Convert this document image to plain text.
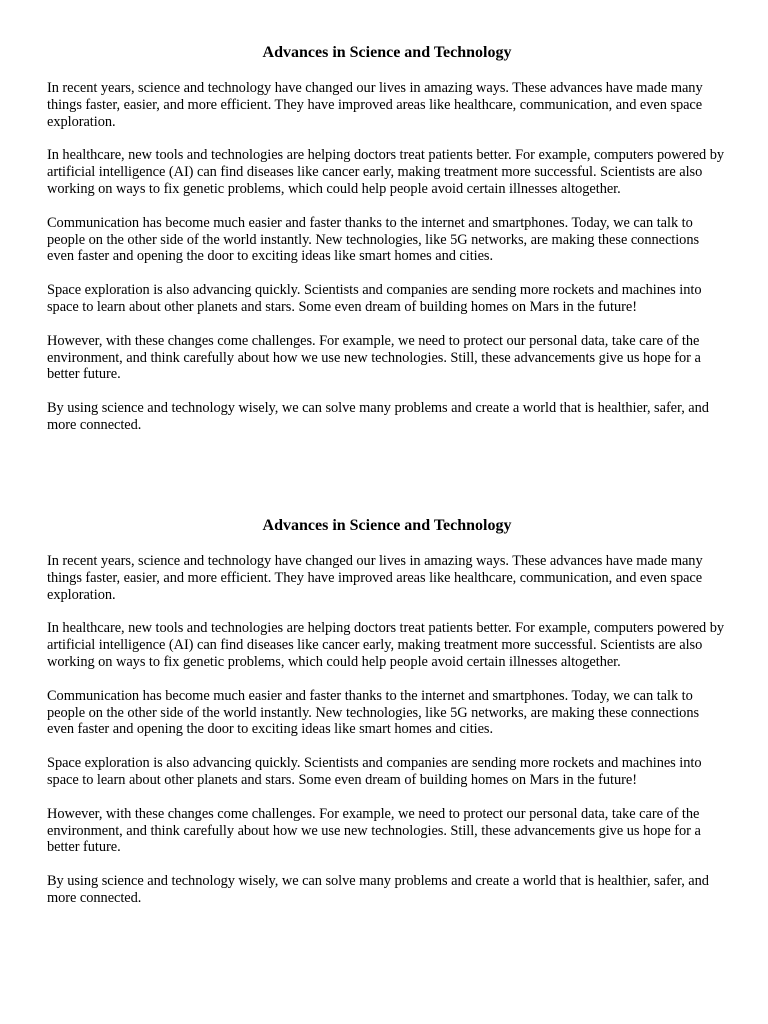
Advances in Science and Technology

In recent years, science and technology have changed our lives in amazing ways. These advances have made many things faster, easier, and more efficient. They have improved areas like healthcare, communication, and even space exploration.

In healthcare, new tools and technologies are helping doctors treat patients better. For example, computers powered by artificial intelligence (AI) can find diseases like cancer early, making treatment more successful. Scientists are also working on ways to fix genetic problems, which could help people avoid certain illnesses altogether.

Communication has become much easier and faster thanks to the internet and smartphones. Today, we can talk to people on the other side of the world instantly. New technologies, like 5G networks, are making these connections even faster and opening the door to exciting ideas like smart homes and cities.

Space exploration is also advancing quickly. Scientists and companies are sending more rockets and machines into space to learn about other planets and stars. Some even dream of building homes on Mars in the future!

However, with these changes come challenges. For example, we need to protect our personal data, take care of the environment, and think carefully about how we use new technologies. Still, these advancements give us hope for a better future.

By using science and technology wisely, we can solve many problems and create a world that is healthier, safer, and more connected.

Advances in Science and Technology

In recent years, science and technology have changed our lives in amazing ways. These advances have made many things faster, easier, and more efficient. They have improved areas like healthcare, communication, and even space exploration.

In healthcare, new tools and technologies are helping doctors treat patients better. For example, computers powered by artificial intelligence (AI) can find diseases like cancer early, making treatment more successful. Scientists are also working on ways to fix genetic problems, which could help people avoid certain illnesses altogether.

Communication has become much easier and faster thanks to the internet and smartphones. Today, we can talk to people on the other side of the world instantly. New technologies, like 5G networks, are making these connections even faster and opening the door to exciting ideas like smart homes and cities.

Space exploration is also advancing quickly. Scientists and companies are sending more rockets and machines into space to learn about other planets and stars. Some even dream of building homes on Mars in the future!

However, with these changes come challenges. For example, we need to protect our personal data, take care of the environment, and think carefully about how we use new technologies. Still, these advancements give us hope for a better future.

By using science and technology wisely, we can solve many problems and create a world that is healthier, safer, and more connected.
